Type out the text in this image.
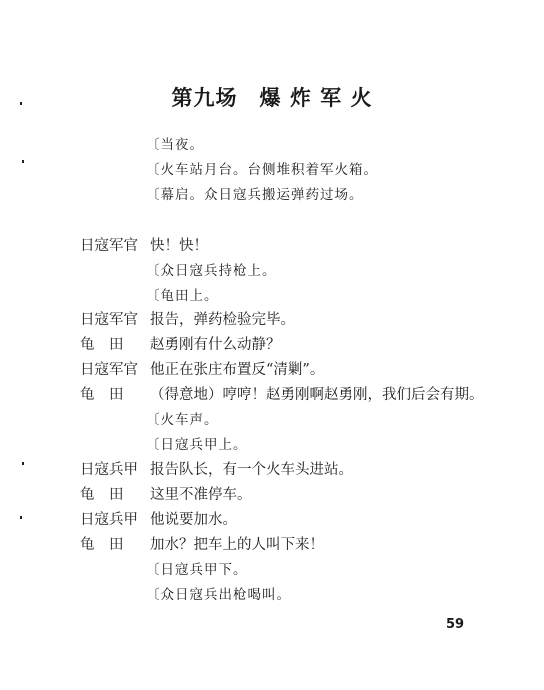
第九场 爆 炸 军 火
〔当夜。
〔火车站月台。台侧堆积着军火箱。
〔幕启。众日寇兵搬运弹药过场。
日寇军官 快！快！
〔众日寇兵持枪上。
〔龟田上。
日寇军官 报告，弹药检验完毕。
龟　田 赵勇刚有什么动静？
日寇军官 他正在张庄布置反“清剿”。
龟　田 （得意地）哼哼！赵勇刚啊赵勇刚，我们后会有期。
〔火车声。
〔日寇兵甲上。
日寇兵甲 报告队长，有一个火车头进站。
龟　田 这里不准停车。
日寇兵甲 他说要加水。
龟　田 加水？把车上的人叫下来！
〔日寇兵甲下。
〔众日寇兵出枪喝叫。
59
